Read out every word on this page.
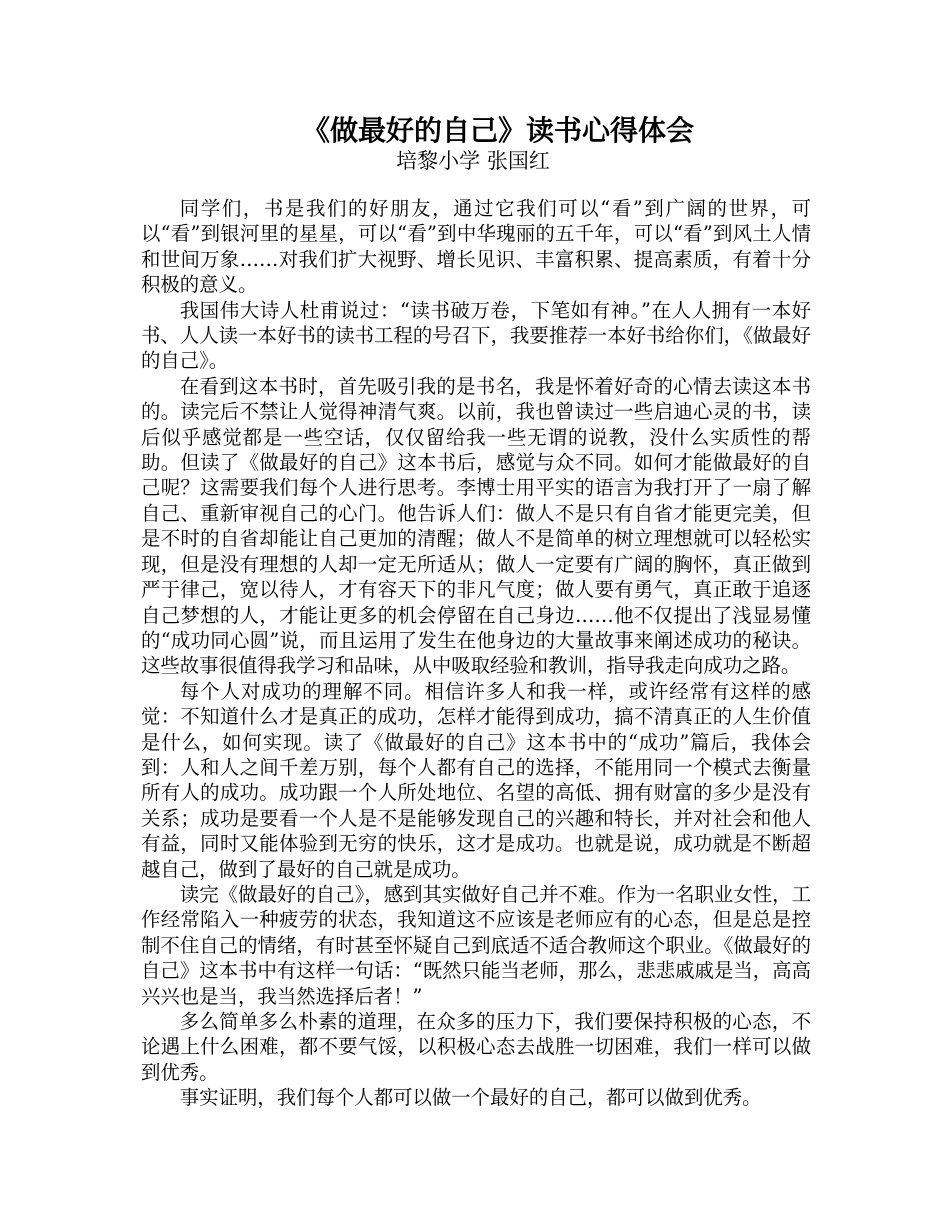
《做最好的自己》读书心得体会
培黎小学 张国红

同学们，书是我们的好朋友，通过它我们可以“看”到广阔的世界，可以“看”到银河里的星星，可以“看”到中华瑰丽的五千年，可以“看”到风土人情和世间万象……对我们扩大视野、增长见识、丰富积累、提高素质，有着十分积极的意义。

我国伟大诗人杜甫说过：“读书破万卷，下笔如有神。”在人人拥有一本好书、人人读一本好书的读书工程的号召下，我要推荐一本好书给你们，《做最好的自己》。

在看到这本书时，首先吸引我的是书名，我是怀着好奇的心情去读这本书的。读完后不禁让人觉得神清气爽。以前，我也曾读过一些启迪心灵的书，读后似乎感觉都是一些空话，仅仅留给我一些无谓的说教，没什么实质性的帮助。但读了《做最好的自己》这本书后，感觉与众不同。如何才能做最好的自己呢？这需要我们每个人进行思考。李博士用平实的语言为我打开了一扇了解自己、重新审视自己的心门。他告诉人们：做人不是只有自省才能更完美，但是不时的自省却能让自己更加的清醒；做人不是简单的树立理想就可以轻松实现，但是没有理想的人却一定无所适从；做人一定要有广阔的胸怀，真正做到严于律己，宽以待人，才有容天下的非凡气度；做人要有勇气，真正敢于追逐自己梦想的人，才能让更多的机会停留在自己身边……他不仅提出了浅显易懂的“成功同心圆”说，而且运用了发生在他身边的大量故事来阐述成功的秘诀。这些故事很值得我学习和品味，从中吸取经验和教训，指导我走向成功之路。

每个人对成功的理解不同。相信许多人和我一样，或许经常有这样的感觉：不知道什么才是真正的成功，怎样才能得到成功，搞不清真正的人生价值是什么，如何实现。读了《做最好的自己》这本书中的“成功”篇后，我体会到：人和人之间千差万别，每个人都有自己的选择，不能用同一个模式去衡量所有人的成功。成功跟一个人所处地位、名望的高低、拥有财富的多少是没有关系；成功是要看一个人是不是能够发现自己的兴趣和特长，并对社会和他人有益，同时又能体验到无穷的快乐，这才是成功。也就是说，成功就是不断超越自己，做到了最好的自己就是成功。

读完《做最好的自己》，感到其实做好自己并不难。作为一名职业女性，工作经常陷入一种疲劳的状态，我知道这不应该是老师应有的心态，但是总是控制不住自己的情绪，有时甚至怀疑自己到底适不适合教师这个职业。《做最好的自己》这本书中有这样一句话：“既然只能当老师，那么，悲悲戚戚是当，高高兴兴也是当，我当然选择后者！”

多么简单多么朴素的道理，在众多的压力下，我们要保持积极的心态，不论遇上什么困难，都不要气馁，以积极心态去战胜一切困难，我们一样可以做到优秀。

事实证明，我们每个人都可以做一个最好的自己，都可以做到优秀。
